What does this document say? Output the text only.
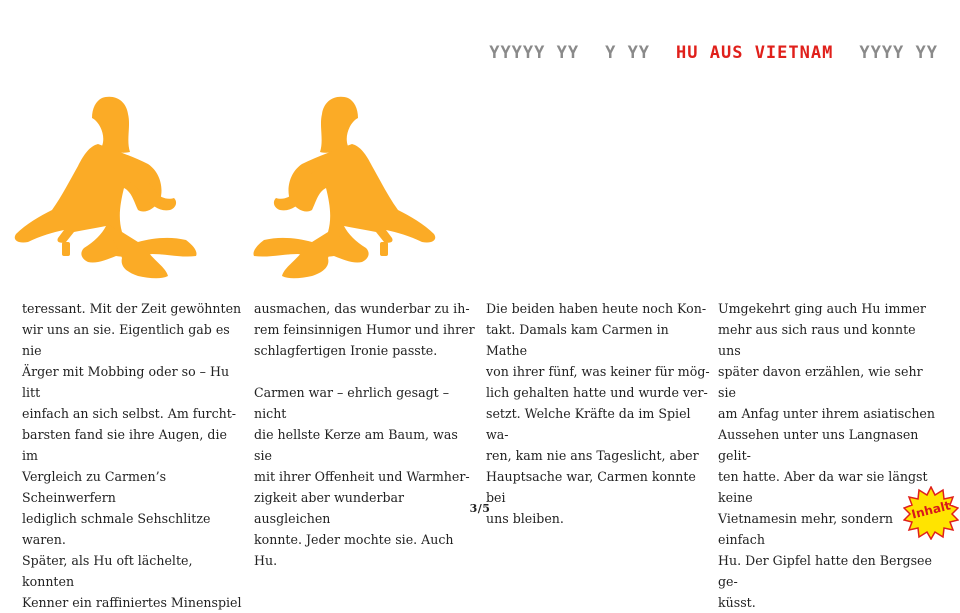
YYYYY YY Y YY HU AUS VIETNAM YYYY YY
teressant. Mit der Zeit gewöhnten
wir uns an sie. Eigentlich gab es nie
Ärger mit Mobbing oder so – Hu litt
einfach an sich selbst. Am furcht-
barsten fand sie ihre Augen, die im
Vergleich zu Carmen’s Scheinwerfern
lediglich schmale Sehschlitze waren.
Später, als Hu oft lächelte, konnten
Kenner ein raffiniertes Minenspiel
ausmachen, das wunderbar zu ih-
rem feinsinnigen Humor und ihrer
schlagfertigen Ironie passte.

Carmen war – ehrlich gesagt – nicht
die hellste Kerze am Baum, was sie
mit ihrer Offenheit und Warmher-
zigkeit aber wunderbar ausgleichen
konnte. Jeder mochte sie. Auch Hu.
Die beiden haben heute noch Kon-
takt. Damals kam Carmen in Mathe
von ihrer fünf, was keiner für mög-
lich gehalten hatte und wurde ver-
setzt. Welche Kräfte da im Spiel wa-
ren, kam nie ans Tageslicht, aber
Hauptsache war, Carmen konnte bei
uns bleiben.
Umgekehrt ging auch Hu immer
mehr aus sich raus und konnte uns
später davon erzählen, wie sehr sie
am Anfag unter ihrem asiatischen
Aussehen unter uns Langnasen gelit-
ten hatte. Aber da war sie längst keine
Vietnamesin mehr, sondern einfach
Hu. Der Gipfel hatte den Bergsee ge-
küsst.
3/5	Inhalt
